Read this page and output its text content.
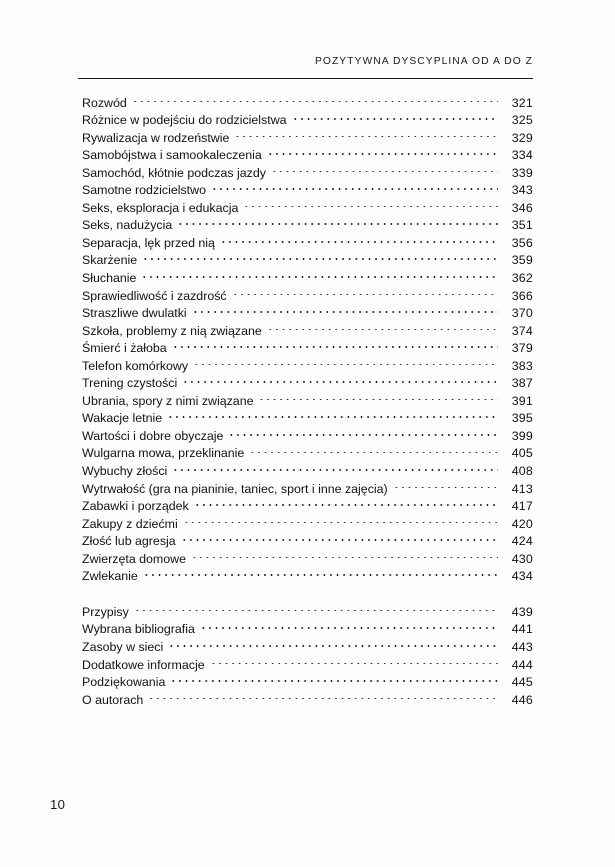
POZYTYWNA DYSCYPLINA OD A DO Z
Rozwód	321
Różnice w podejściu do rodzicielstwa	325
Rywalizacja w rodzeństwie	329
Samobójstwa i samookaleczenia	334
Samochód, kłótnie podczas jazdy	339
Samotne rodzicielstwo	343
Seks, eksploracja i edukacja	346
Seks, nadużycia	351
Separacja, lęk przed nią	356
Skarżenie	359
Słuchanie	362
Sprawiedliwość i zazdrość	366
Straszliwe dwulatki	370
Szkoła, problemy z nią związane	374
Śmierć i żałoba	379
Telefon komórkowy	383
Trening czystości	387
Ubrania, spory z nimi związane	391
Wakacje letnie	395
Wartości i dobre obyczaje	399
Wulgarna mowa, przeklinanie	405
Wybuchy złości	408
Wytrwałość (gra na pianinie, taniec, sport i inne zajęcia)	413
Zabawki i porządek	417
Zakupy z dziećmi	420
Złość lub agresja	424
Zwierzęta domowe	430
Zwlekanie	434
Przypisy	439
Wybrana bibliografia	441
Zasoby w sieci	443
Dodatkowe informacje	444
Podziękowania	445
O autorach	446
10
